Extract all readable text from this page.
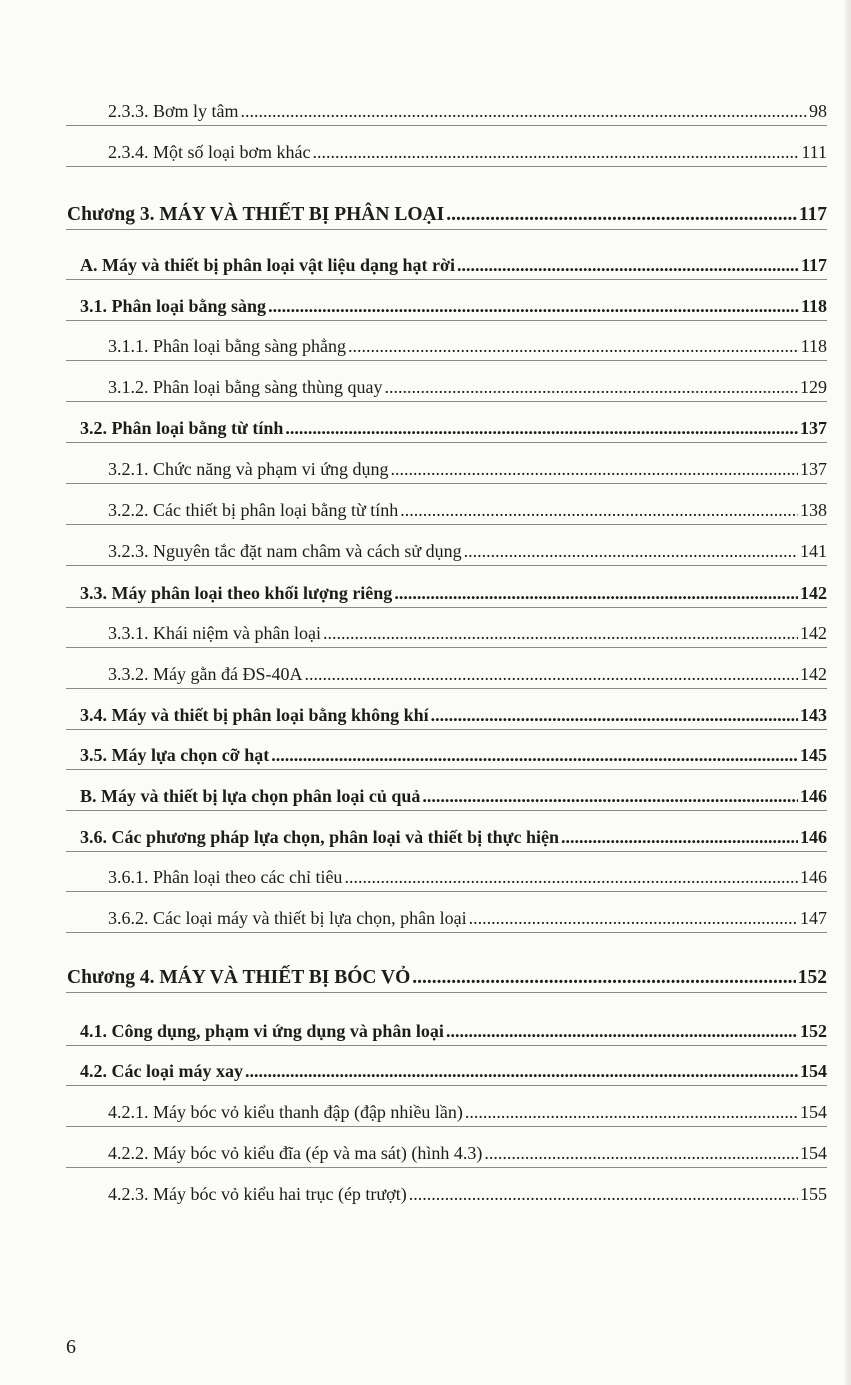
2.3.3. Bơm ly tâm .....	98
2.3.4. Một số loại bơm khác .....	111
Chương 3. MÁY VÀ THIẾT BỊ PHÂN LOẠI .....	117
A. Máy và thiết bị phân loại vật liệu dạng hạt rời .....	117
3.1. Phân loại bằng sàng .....	118
3.1.1. Phân loại bằng sàng phẳng .....	118
3.1.2. Phân loại bằng sàng thùng quay .....	129
3.2. Phân loại bằng từ tính .....	137
3.2.1. Chức năng và phạm vi ứng dụng .....	137
3.2.2. Các thiết bị phân loại bằng từ tính .....	138
3.2.3. Nguyên tắc đặt nam châm và cách sử dụng .....	141
3.3. Máy phân loại theo khối lượng riêng .....	142
3.3.1. Khái niệm và phân loại .....	142
3.3.2. Máy gằn đá ĐS-40A .....	142
3.4. Máy và thiết bị phân loại bằng không khí .....	143
3.5. Máy lựa chọn cỡ hạt .....	145
B. Máy và thiết bị lựa chọn phân loại củ quả .....	146
3.6. Các phương pháp lựa chọn, phân loại và thiết bị thực hiện .....	146
3.6.1. Phân loại theo các chỉ tiêu .....	146
3.6.2. Các loại máy và thiết bị lựa chọn, phân loại .....	147
Chương 4. MÁY VÀ THIẾT BỊ BÓC VỎ .....	152
4.1. Công dụng, phạm vi ứng dụng và phân loại .....	152
4.2. Các loại máy xay .....	154
4.2.1. Máy bóc vỏ kiểu thanh đập (đập nhiều lần) .....	154
4.2.2. Máy bóc vỏ kiểu đĩa (ép và ma sát) (hình 4.3) .....	154
4.2.3. Máy bóc vỏ kiểu hai trục (ép trượt) .....	155
6
